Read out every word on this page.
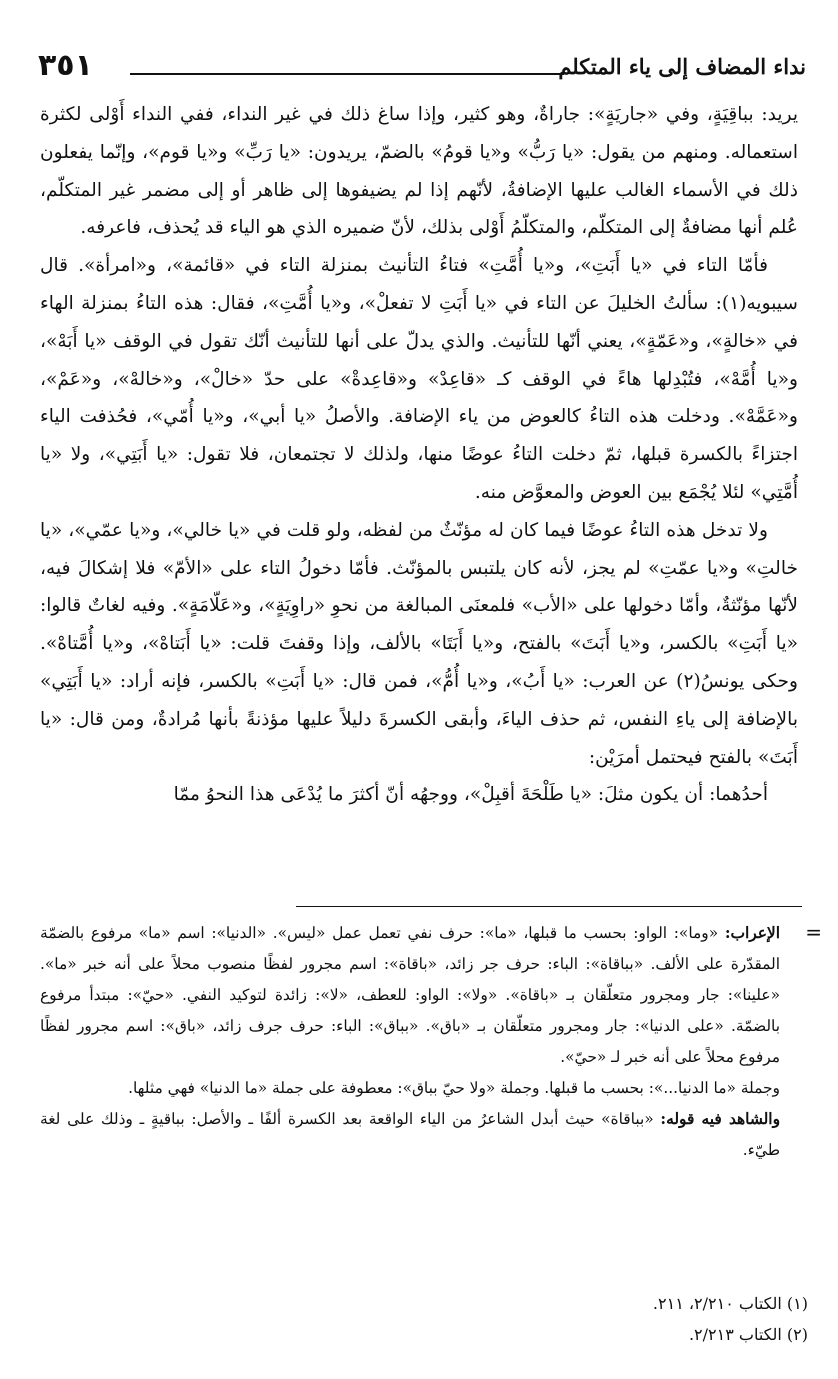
نداء المضاف إلى ياء المتكلم
٣٥١

يريد: بباقِيَةٍ، وفي «جاريَةٍ»: جاراةٌ، وهو كثير، وإذا ساغ ذلك في غير النداء، ففي النداء أَوْلى لكثرة استعماله. ومنهم من يقول: «يا رَبُّ» و«يا قومُ» بالضمّ، يريدون: «يا رَبِّ» و«يا قوم»، وإنّما يفعلون ذلك في الأسماء الغالب عليها الإضافةُ، لأنّهم إذا لم يضيفوها إلى ظاهر أو إلى مضمر غير المتكلّم، عُلم أنها مضافةٌ إلى المتكلّم، والمتكلّمُ أَوْلى بذلك، لأنّ ضميره الذي هو الياء قد يُحذف، فاعرفه.

فأمّا التاء في «يا أَبَتِ»، و«يا أُمَّتِ» فتاءُ التأنيث بمنزلة التاء في «قائمة»، و«امرأة». قال سيبويه(١): سألتُ الخليلَ عن التاء في «يا أَبَتِ لا تفعلْ»، و«يا أُمَّتِ»، فقال: هذه التاءُ بمنزلة الهاء في «خالةٍ»، و«عَمّةٍ»، يعني أنّها للتأنيث. والذي يدلّ على أنها للتأنيث أنّك تقول في الوقف «يا أَبَهْ»، و«يا أُمَّهْ»، فتُبْدِلها هاءً في الوقف كـ «قاعِدْ» و«قاعِدةْ» على حدّ «خالْ»، و«خالهْ»، و«عَمْ»، و«عَمَّهْ». ودخلت هذه التاءُ كالعوض من ياء الإضافة. والأصلُ «يا أبي»، و«يا أُمّي»، فحُذفت الياء اجتزاءً بالكسرة قبلها، ثمّ دخلت التاءُ عوضًا منها، ولذلك لا تجتمعان، فلا تقول: «يا أَبَتِي»، ولا «يا أُمَّتِي» لئلا يُجْمَع بين العوض والمعوَّض منه.

ولا تدخل هذه التاءُ عوضًا فيما كان له مؤنّثٌ من لفظه، ولو قلت في «يا خالي»، و«يا عمّي»، «يا خالتِ» و«يا عمّتِ» لم يجز، لأنه كان يلتبس بالمؤنّث. فأمّا دخولُ التاء على «الأمّ» فلا إشكالَ فيه، لأنّها مؤنّثةٌ، وأمّا دخولها على «الأب» فلمعنَى المبالغة من نحوِ «راوِيَةٍ»، و«عَلّامَةٍ». وفيه لغاتٌ قالوا: «يا أَبَتِ» بالكسر، و«يا أَبَتَ» بالفتح، و«يا أَبَتَا» بالألف، وإذا وقفتَ قلت: «يا أَبَتاهْ»، و«يا أُمَّتاهْ». وحكى يونسُ(٢) عن العرب: «يا أَبُ»، و«يا أُمُّ»، فمن قال: «يا أَبَتِ» بالكسر، فإنه أراد: «يا أَبَتِي» بالإضافة إلى ياءِ النفس، ثم حذف الياءَ، وأبقى الكسرةَ دليلاً عليها مؤذنةً بأنها مُرادةٌ، ومن قال: «يا أَبَتَ» بالفتح فيحتمل أمرَيْن:

أحدُهما: أن يكون مثلَ: «يا طَلْحَةَ أقبِلْ»، ووجهُه أنّ أكثرَ ما يُدْعَى هذا النحوُ ممّا

=

الإعراب: «وما»: الواو: بحسب ما قبلها، «ما»: حرف نفي تعمل عمل «ليس». «الدنيا»: اسم «ما» مرفوع بالضمّة المقدّرة على الألف. «بباقاة»: الباء: حرف جر زائد، «باقاة»: اسم مجرور لفظًا منصوب محلاً على أنه خبر «ما». «علينا»: جار ومجرور متعلّقان بـ «باقاة». «ولا»: الواو: للعطف، «لا»: زائدة لتوكيد النفي. «حيّ»: مبتدأ مرفوع بالضمّة. «على الدنيا»: جار ومجرور متعلّقان بـ «باق». «بباق»: الباء: حرف جرف زائد، «باق»: اسم مجرور لفظًا مرفوع محلاً على أنه خبر لـ «حيّ».

وجملة «ما الدنيا...»: بحسب ما قبلها. وجملة «ولا حيّ بباق»: معطوفة على جملة «ما الدنيا» فهي مثلها.

والشاهد فيه قوله: «بباقاة» حيث أبدل الشاعرُ من الياء الواقعة بعد الكسرة ألفًا ـ والأصل: بباقيةٍ ـ وذلك على لغة طيّء.

(١) الكتاب ٢/٢١٠، ٢١١.

(٢) الكتاب ٢/٢١٣.
